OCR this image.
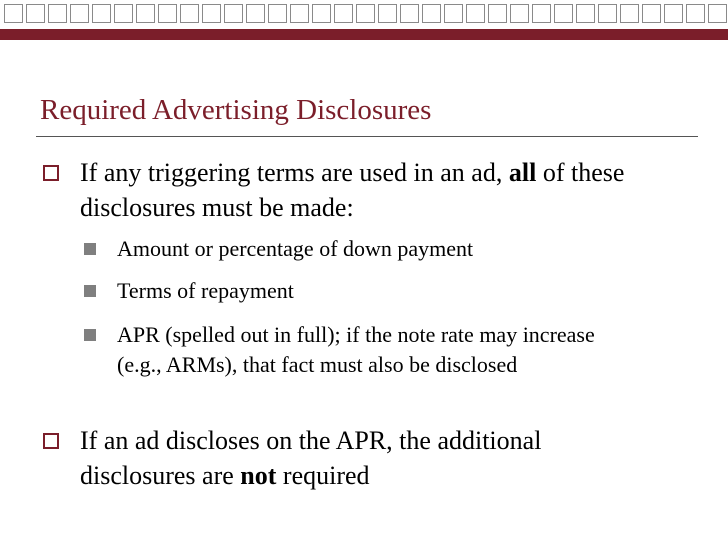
Required Advertising Disclosures
If any triggering terms are used in an ad, all of these disclosures must be made:
Amount or percentage of down payment
Terms of repayment
APR (spelled out in full); if the note rate may increase (e.g., ARMs), that fact must also be disclosed
If an ad discloses on the APR, the additional disclosures are not required
